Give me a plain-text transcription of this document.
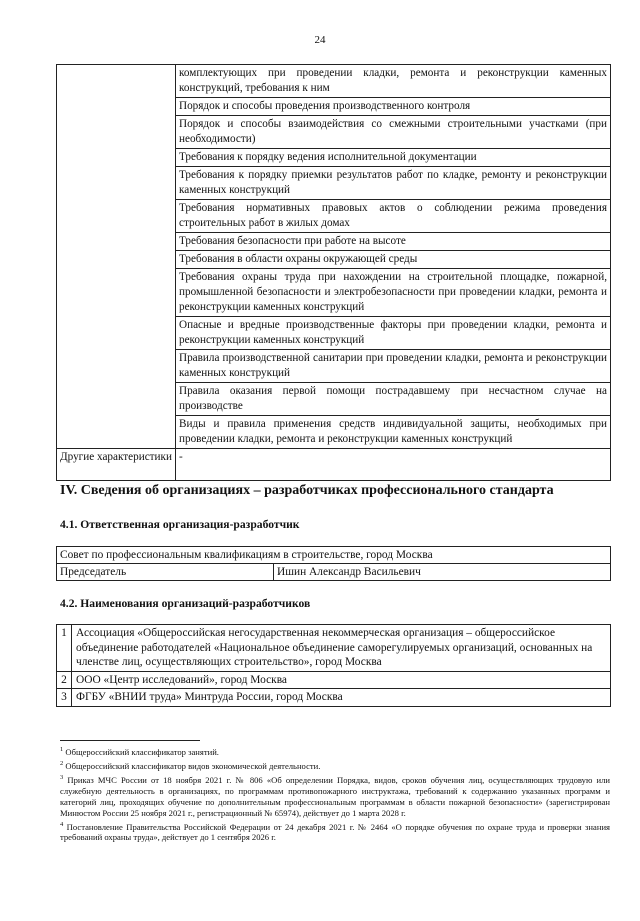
24
	комплектующих при проведении кладки, ремонта и реконструкции каменных конструкций, требования к ним
	Порядок и способы проведения производственного контроля
	Порядок и способы взаимодействия со смежными строительными участками (при необходимости)
	Требования к порядку ведения исполнительной документации
	Требования к порядку приемки результатов работ по кладке, ремонту и реконструкции каменных конструкций
	Требования нормативных правовых актов о соблюдении режима проведения строительных работ в жилых домах
	Требования безопасности при работе на высоте
	Требования в области охраны окружающей среды
	Требования охраны труда при нахождении на строительной площадке, пожарной, промышленной безопасности и электробезопасности при проведении кладки, ремонта и реконструкции каменных конструкций
	Опасные и вредные производственные факторы при проведении кладки, ремонта и реконструкции каменных конструкций
	Правила производственной санитарии при проведении кладки, ремонта и реконструкции каменных конструкций
	Правила оказания первой помощи пострадавшему при несчастном случае на производстве
	Виды и правила применения средств индивидуальной защиты, необходимых при проведении кладки, ремонта и реконструкции каменных конструкций
Другие характеристики	-
IV. Сведения об организациях – разработчиках профессионального стандарта
4.1. Ответственная организация-разработчик
Совет по профессиональным квалификациям в строительстве, город Москва
Председатель	Ишин Александр Васильевич
4.2. Наименования организаций-разработчиков
1	Ассоциация «Общероссийская негосударственная некоммерческая организация – общероссийское объединение работодателей «Национальное объединение саморегулируемых организаций, основанных на членстве лиц, осуществляющих строительство», город Москва
2	ООО «Центр исследований», город Москва
3	ФГБУ «ВНИИ труда» Минтруда России, город Москва
$^1$ Общероссийский классификатор занятий.
$^2$ Общероссийский классификатор видов экономической деятельности.
$^3$ Приказ МЧС России от 18 ноября 2021 г. № 806 «Об определении Порядка, видов, сроков обучения лиц, осуществляющих трудовую или служебную деятельность в организациях, по программам противопожарного инструктажа, требований к содержанию указанных программ и категорий лиц, проходящих обучение по дополнительным профессиональным программам в области пожарной безопасности» (зарегистрирован Минюстом России 25 ноября 2021 г., регистрационный № 65974), действует до 1 марта 2028 г.
$^4$ Постановление Правительства Российской Федерации от 24 декабря 2021 г. № 2464 «О порядке обучения по охране труда и проверки знания требований охраны труда», действует до 1 сентября 2026 г.
